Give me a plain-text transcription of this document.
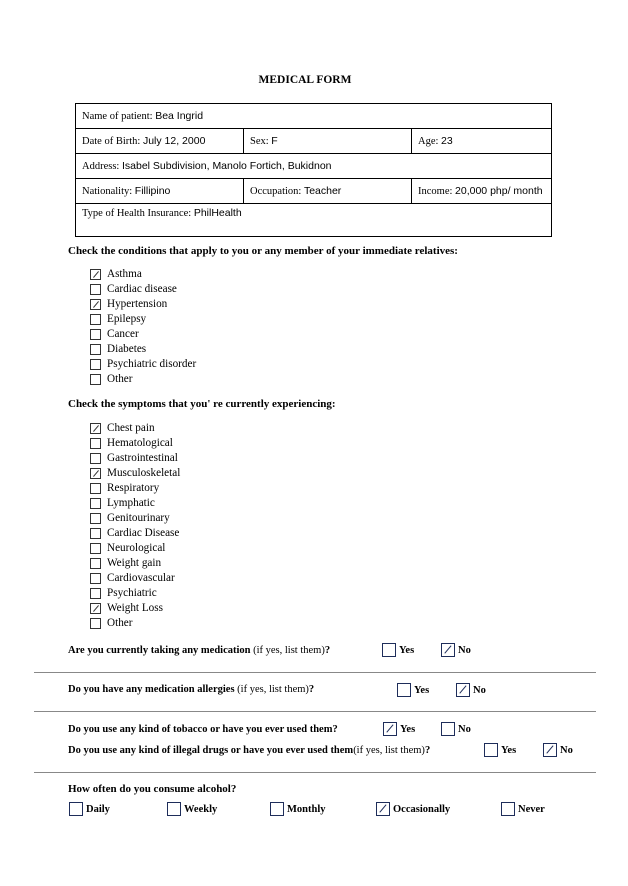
MEDICAL FORM
Name of patient: Bea Ingrid		
Date of Birth: July 12, 2000	Sex: F	Age: 23
Address: Isabel Subdivision, Manolo Fortich, Bukidnon		
Nationality: Fillipino	Occupation: Teacher	Income: 20,000 php/ month
Type of Health Insurance: PhilHealth		
Check the conditions that apply to you or any member of your immediate relatives:
Asthma
Cardiac disease
Hypertension
Epilepsy
Cancer
Diabetes
Psychiatric disorder
Other
Check the symptoms that you' re currently experiencing:
Chest pain
Hematological
Gastrointestinal
Musculoskeletal
Respiratory
Lymphatic
Genitourinary
Cardiac Disease
Neurological
Weight gain
Cardiovascular
Psychiatric
Weight Loss
Other
Are you currently taking any medication (if yes, list them)?	Yes	No
Do you have any medication allergies (if yes, list them)?	Yes	No
Do you use any kind of tobacco or have you ever used them?	Yes	No
Do you use any kind of illegal drugs or have you ever used them(if yes, list them)?	Yes	No
How often do you consume alcohol?
Daily	Weekly	Monthly	Occasionally	Never
